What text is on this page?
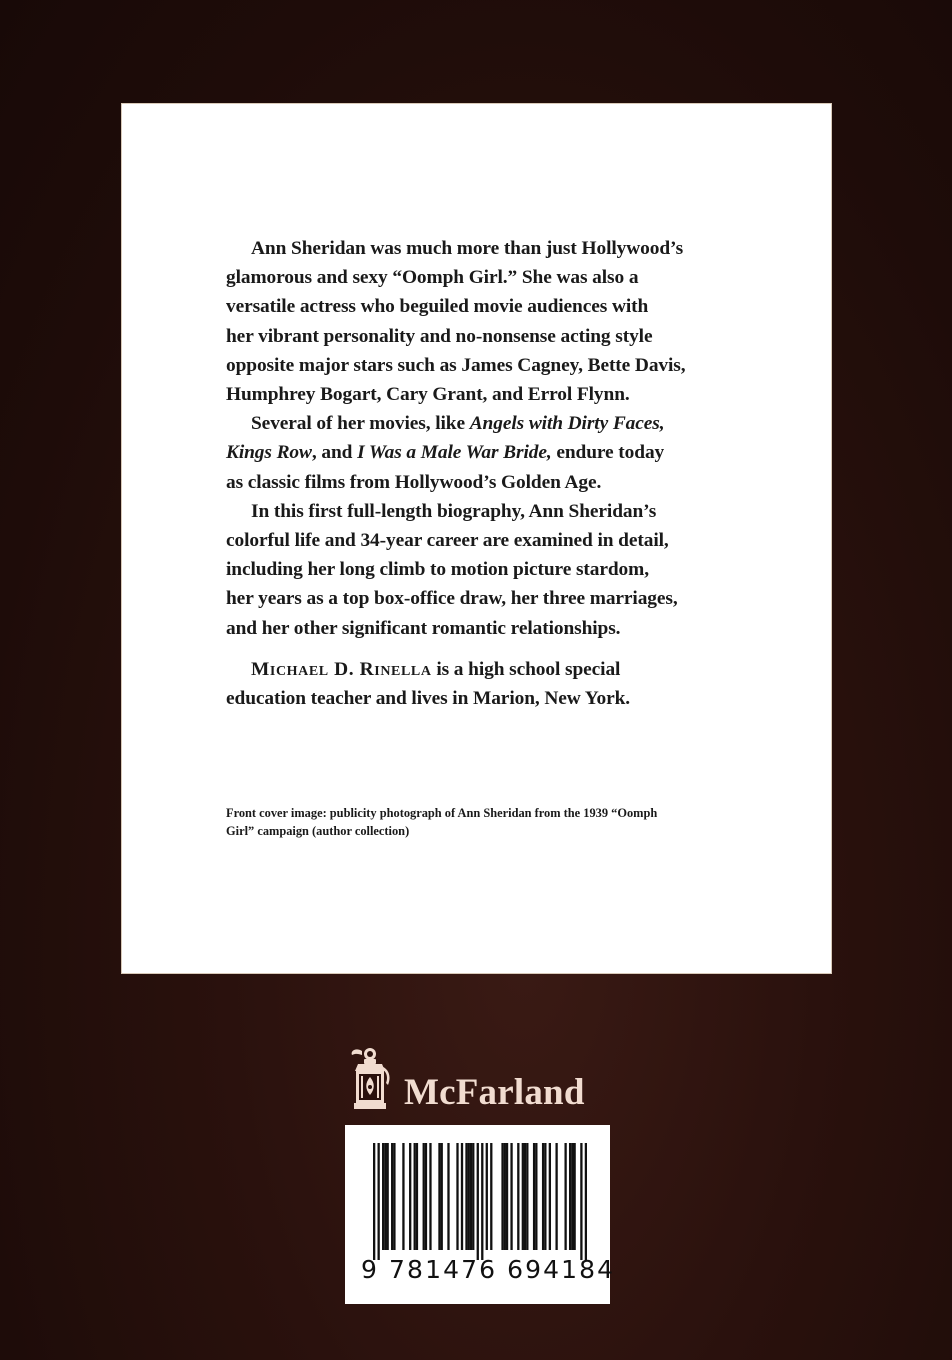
Ann Sheridan was much more than just Hollywood’s
glamorous and sexy “Oomph Girl.” She was also a
versatile actress who beguiled movie audiences with
her vibrant personality and no-nonsense acting style
opposite major stars such as James Cagney, Bette Davis,
Humphrey Bogart, Cary Grant, and Errol Flynn.

Several of her movies, like Angels with Dirty Faces,
Kings Row, and I Was a Male War Bride, endure today
as classic films from Hollywood’s Golden Age.

In this first full-length biography, Ann Sheridan’s
colorful life and 34-year career are examined in detail,
including her long climb to motion picture stardom,
her years as a top box-office draw, her three marriages,
and her other significant romantic relationships.

Michael D. Rinella is a high school special
education teacher and lives in Marion, New York.

Front cover image: publicity photograph of Ann Sheridan from the 1939 “Oomph
Girl” campaign (author collection)
McFarland
9 781476 694184
